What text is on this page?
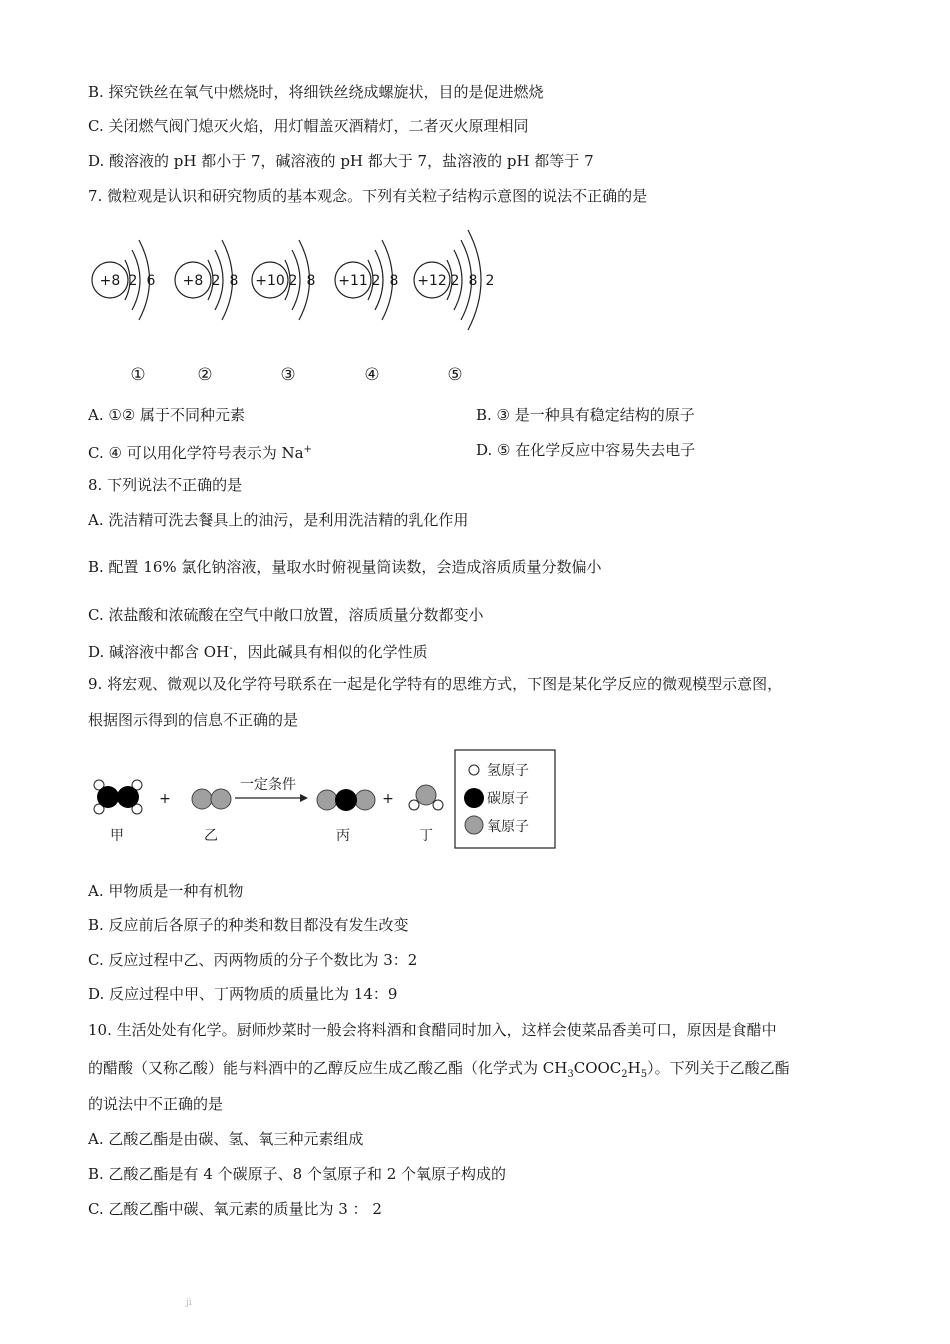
B. 探究铁丝在氧气中燃烧时，将细铁丝绕成螺旋状，目的是促进燃烧
C. 关闭燃气阀门熄灭火焰，用灯帽盖灭酒精灯，二者灭火原理相同
D. 酸溶液的 pH 都小于 7，碱溶液的 pH 都大于 7，盐溶液的 pH 都等于 7
7. 微粒观是认识和研究物质的基本观念。下列有关粒子结构示意图的说法不正确的是
+8 2 6 +8 2 8 +10 2 8 +11 2 8 +12 2 8 2
①	②	③	④	⑤
A. ①② 属于不同种元素	B. ③ 是一种具有稳定结构的原子
C. ④ 可以用化学符号表示为 Na+	D. ⑤ 在化学反应中容易失去电子
8. 下列说法不正确的是
A. 洗洁精可洗去餐具上的油污，是利用洗洁精的乳化作用
B. 配置 16% 氯化钠溶液，量取水时俯视量筒读数，会造成溶质质量分数偏小
C. 浓盐酸和浓硫酸在空气中敞口放置，溶质质量分数都变小
D. 碱溶液中都含 OH-，因此碱具有相似的化学性质
9. 将宏观、微观以及化学符号联系在一起是化学特有的思维方式，下图是某化学反应的微观模型示意图，
根据图示得到的信息不正确的是
甲
+
乙
一定条件
丙
+
丁
氢原子
碳原子
氧原子
A. 甲物质是一种有机物
B. 反应前后各原子的种类和数目都没有发生改变
C. 反应过程中乙、丙两物质的分子个数比为 3：2
D. 反应过程中甲、丁两物质的质量比为 14：9
10. 生活处处有化学。厨师炒菜时一般会将料酒和食醋同时加入，这样会使菜品香美可口，原因是食醋中
的醋酸（又称乙酸）能与料酒中的乙醇反应生成乙酸乙酯（化学式为 $CH_3COOC_2H_5$）。下列关于乙酸乙酯
的说法中不正确的是
A. 乙酸乙酯是由碳、氢、氧三种元素组成
B. 乙酸乙酯是有 4 个碳原子、8 个氢原子和 2 个氧原子构成的
C. 乙酸乙酯中碳、氧元素的质量比为 3 ： 2
jì
